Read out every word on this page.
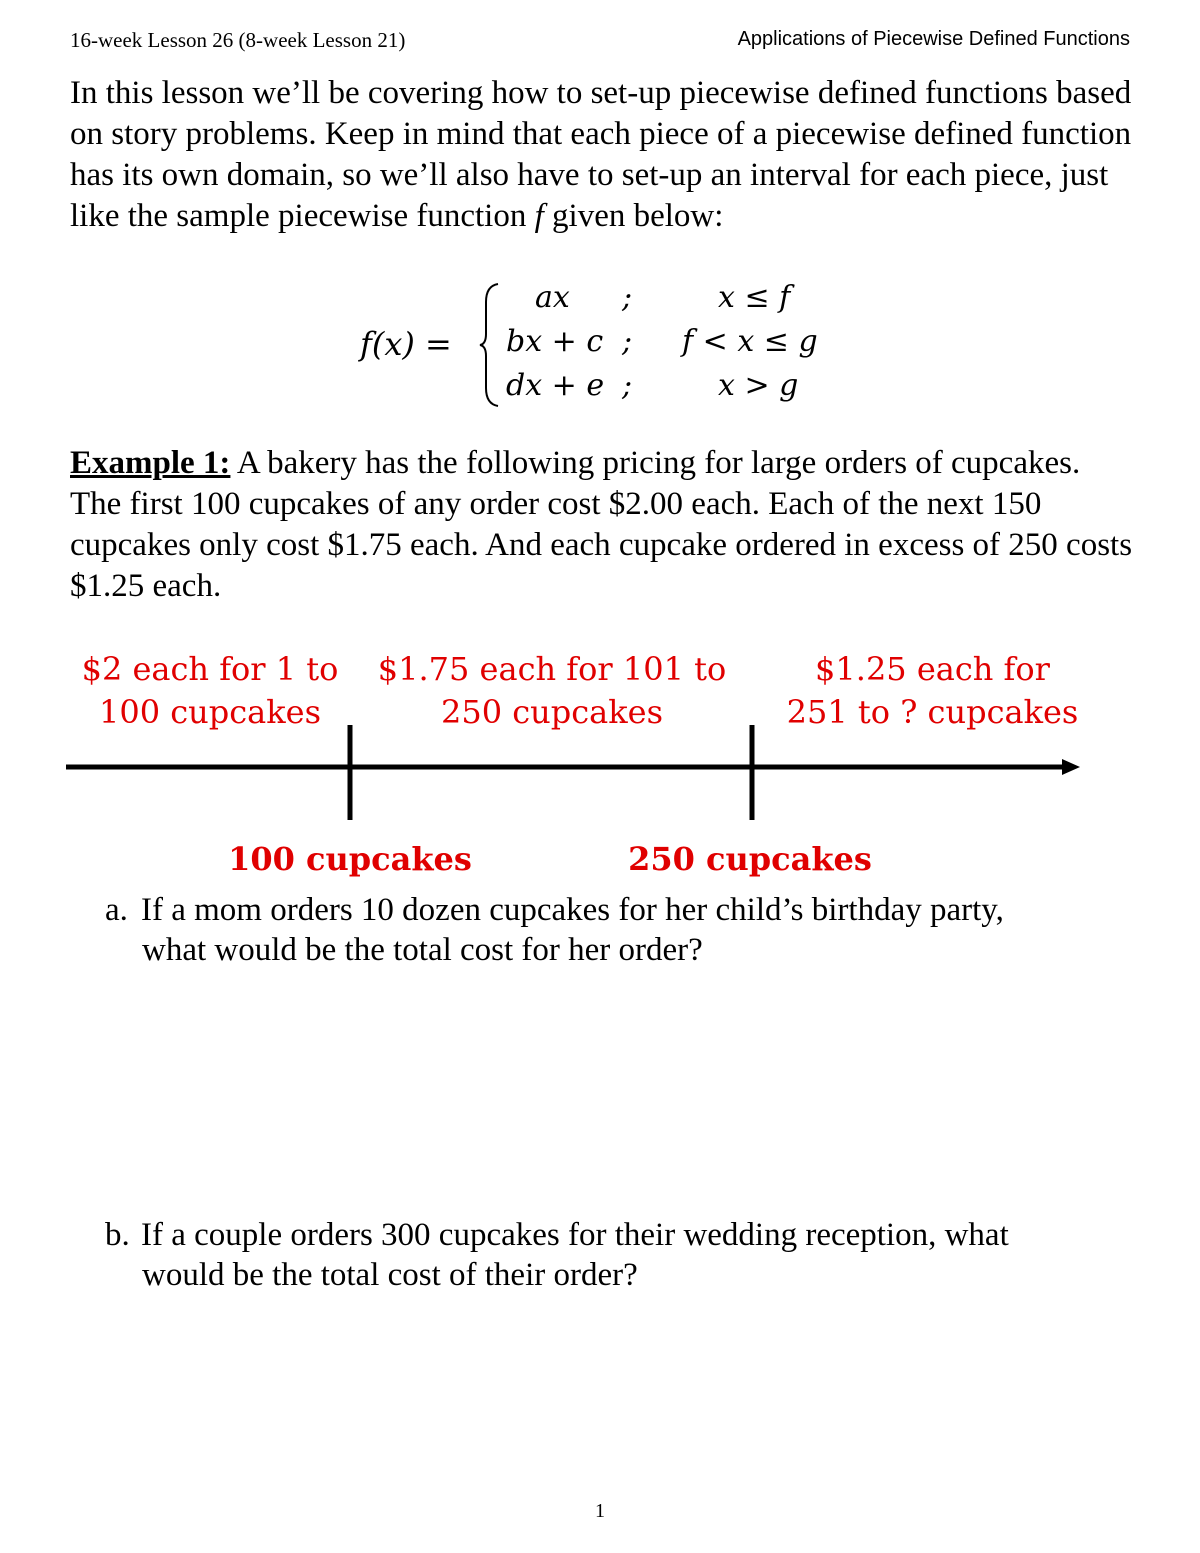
16-week Lesson 26 (8-week Lesson 21)	Applications of Piecewise Defined Functions
In this lesson we’ll be covering how to set-up piecewise defined functions based on story problems. Keep in mind that each piece of a piecewise defined function has its own domain, so we’ll also have to set-up an interval for each piece, just like the sample piecewise function f given below:
f(x) =
ax ;	x ≤ f
bx + c ; f < x ≤ g
dx + e ;	x > g
Example 1: A bakery has the following pricing for large orders of cupcakes. The first 100 cupcakes of any order cost $2.00 each. Each of the next 150 cupcakes only cost $1.75 each. And each cupcake ordered in excess of 250 costs $1.25 each.
$2 each for 1 to
100 cupcakes
$1.75 each for 101 to
250 cupcakes
$1.25 each for
251 to ? cupcakes
100 cupcakes	250 cupcakes
a. If a mom orders 10 dozen cupcakes for her child’s birthday party,
what would be the total cost for her order?
b. If a couple orders 300 cupcakes for their wedding reception, what
would be the total cost of their order?
1
